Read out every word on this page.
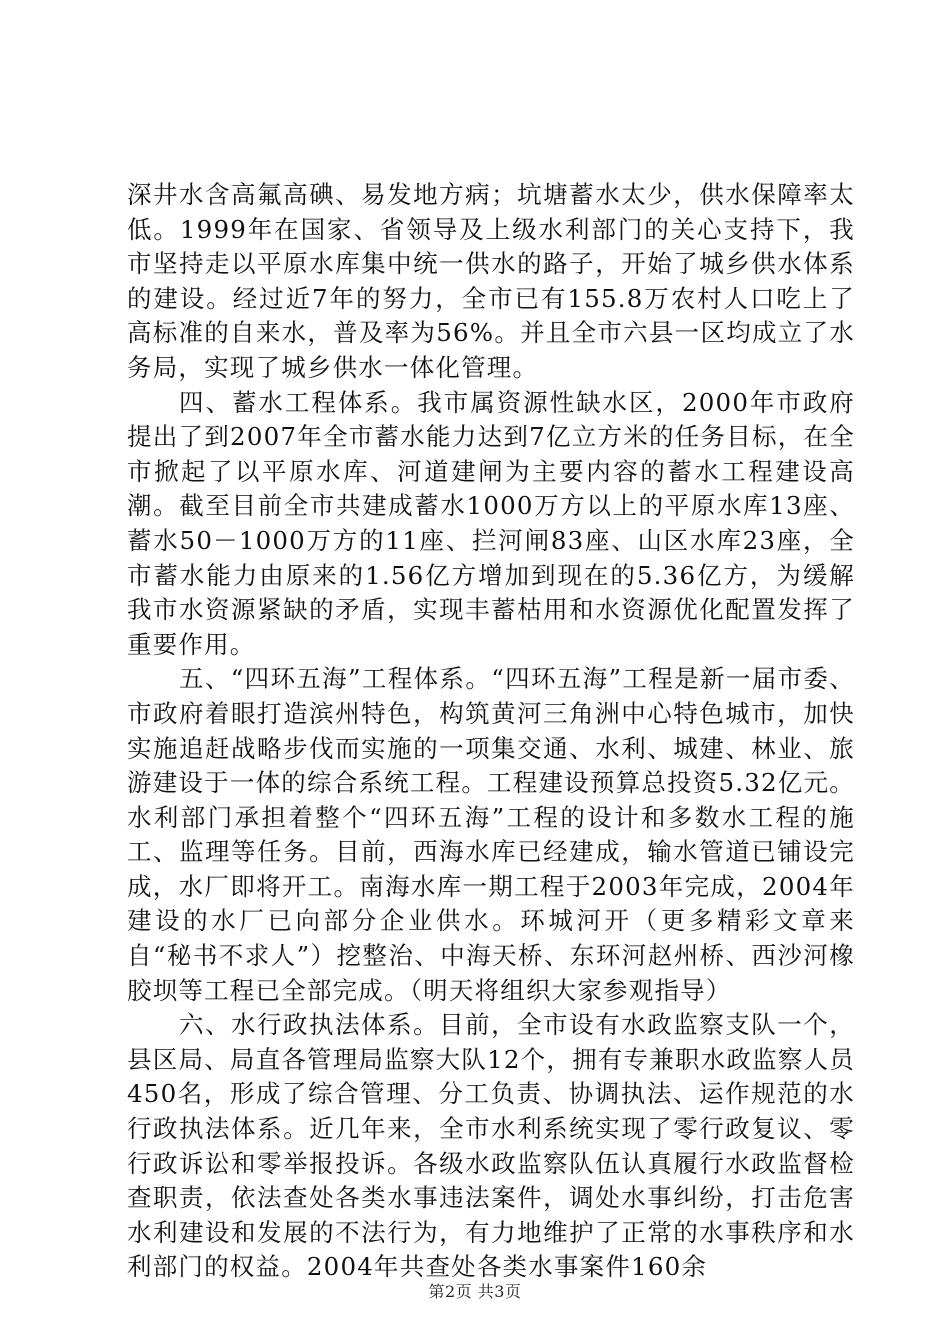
深井水含高氟高碘、易发地方病；坑塘蓄水太少，供水保障率太低。1999年在国家、省领导及上级水利部门的关心支持下，我市坚持走以平原水库集中统一供水的路子，开始了城乡供水体系的建设。经过近7年的努力，全市已有155.8万农村人口吃上了高标准的自来水，普及率为56%。并且全市六县一区均成立了水务局，实现了城乡供水一体化管理。

四、蓄水工程体系。我市属资源性缺水区，2000年市政府提出了到2007年全市蓄水能力达到7亿立方米的任务目标，在全市掀起了以平原水库、河道建闸为主要内容的蓄水工程建设高潮。截至目前全市共建成蓄水1000万方以上的平原水库13座、蓄水50－1000万方的11座、拦河闸83座、山区水库23座，全市蓄水能力由原来的1.56亿方增加到现在的5.36亿方，为缓解我市水资源紧缺的矛盾，实现丰蓄枯用和水资源优化配置发挥了重要作用。

五、“四环五海”工程体系。“四环五海”工程是新一届市委、市政府着眼打造滨州特色，构筑黄河三角洲中心特色城市，加快实施追赶战略步伐而实施的一项集交通、水利、城建、林业、旅游建设于一体的综合系统工程。工程建设预算总投资5.32亿元。水利部门承担着整个“四环五海”工程的设计和多数水工程的施工、监理等任务。目前，西海水库已经建成，输水管道已铺设完成，水厂即将开工。南海水库一期工程于2003年完成，2004年建设的水厂已向部分企业供水。环城河开（更多精彩文章来自“秘书不求人”）挖整治、中海天桥、东环河赵州桥、西沙河橡胶坝等工程已全部完成。（明天将组织大家参观指导）

六、水行政执法体系。目前，全市设有水政监察支队一个，县区局、局直各管理局监察大队12个，拥有专兼职水政监察人员450名，形成了综合管理、分工负责、协调执法、运作规范的水行政执法体系。近几年来，全市水利系统实现了零行政复议、零行政诉讼和零举报投诉。各级水政监察队伍认真履行水政监督检查职责，依法查处各类水事违法案件，调处水事纠纷，打击危害水利建设和发展的不法行为，有力地维护了正常的水事秩序和水利部门的权益。2004年共查处各类水事案件160余

第2页 共3页
